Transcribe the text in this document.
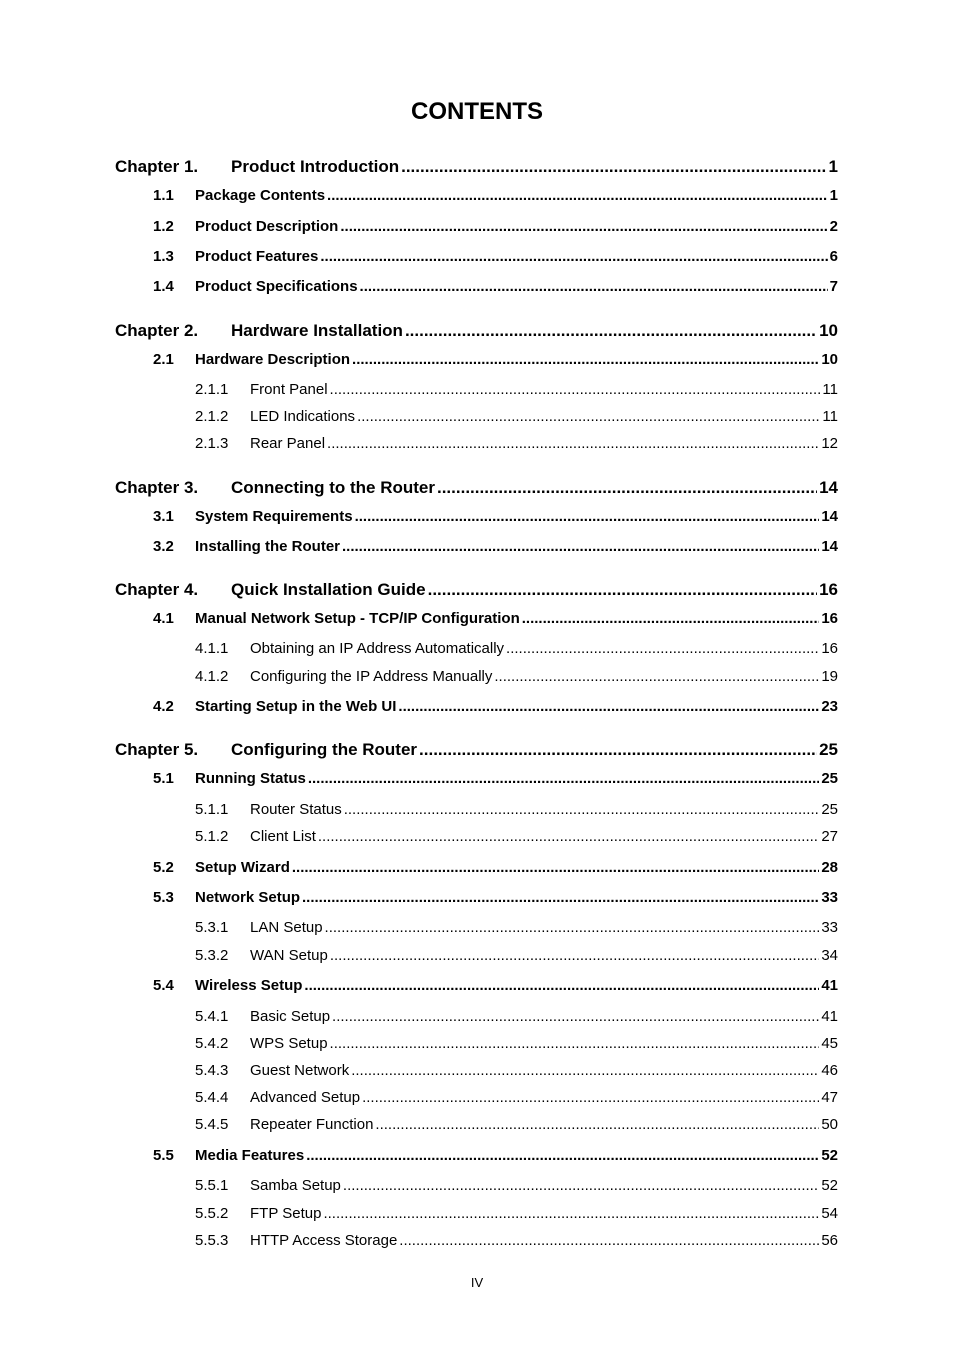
CONTENTS
Chapter 1.	Product Introduction .....	1
1.1	Package Contents .....	1
1.2	Product Description .....	2
1.3	Product Features .....	6
1.4	Product Specifications .....	7
Chapter 2.	Hardware Installation .....	10
2.1	Hardware Description .....	10
2.1.1	Front Panel .....	11
2.1.2	LED Indications .....	11
2.1.3	Rear Panel .....	12
Chapter 3.	Connecting to the Router .....	14
3.1	System Requirements .....	14
3.2	Installing the Router .....	14
Chapter 4.	Quick Installation Guide .....	16
4.1	Manual Network Setup - TCP/IP Configuration .....	16
4.1.1	Obtaining an IP Address Automatically .....	16
4.1.2	Configuring the IP Address Manually .....	19
4.2	Starting Setup in the Web UI .....	23
Chapter 5.	Configuring the Router .....	25
5.1	Running Status .....	25
5.1.1	Router Status .....	25
5.1.2	Client List .....	27
5.2	Setup Wizard .....	28
5.3	Network Setup .....	33
5.3.1	LAN Setup .....	33
5.3.2	WAN Setup .....	34
5.4	Wireless Setup .....	41
5.4.1	Basic Setup .....	41
5.4.2	WPS Setup .....	45
5.4.3	Guest Network .....	46
5.4.4	Advanced Setup .....	47
5.4.5	Repeater Function .....	50
5.5	Media Features .....	52
5.5.1	Samba Setup .....	52
5.5.2	FTP Setup .....	54
5.5.3	HTTP Access Storage .....	56
IV
